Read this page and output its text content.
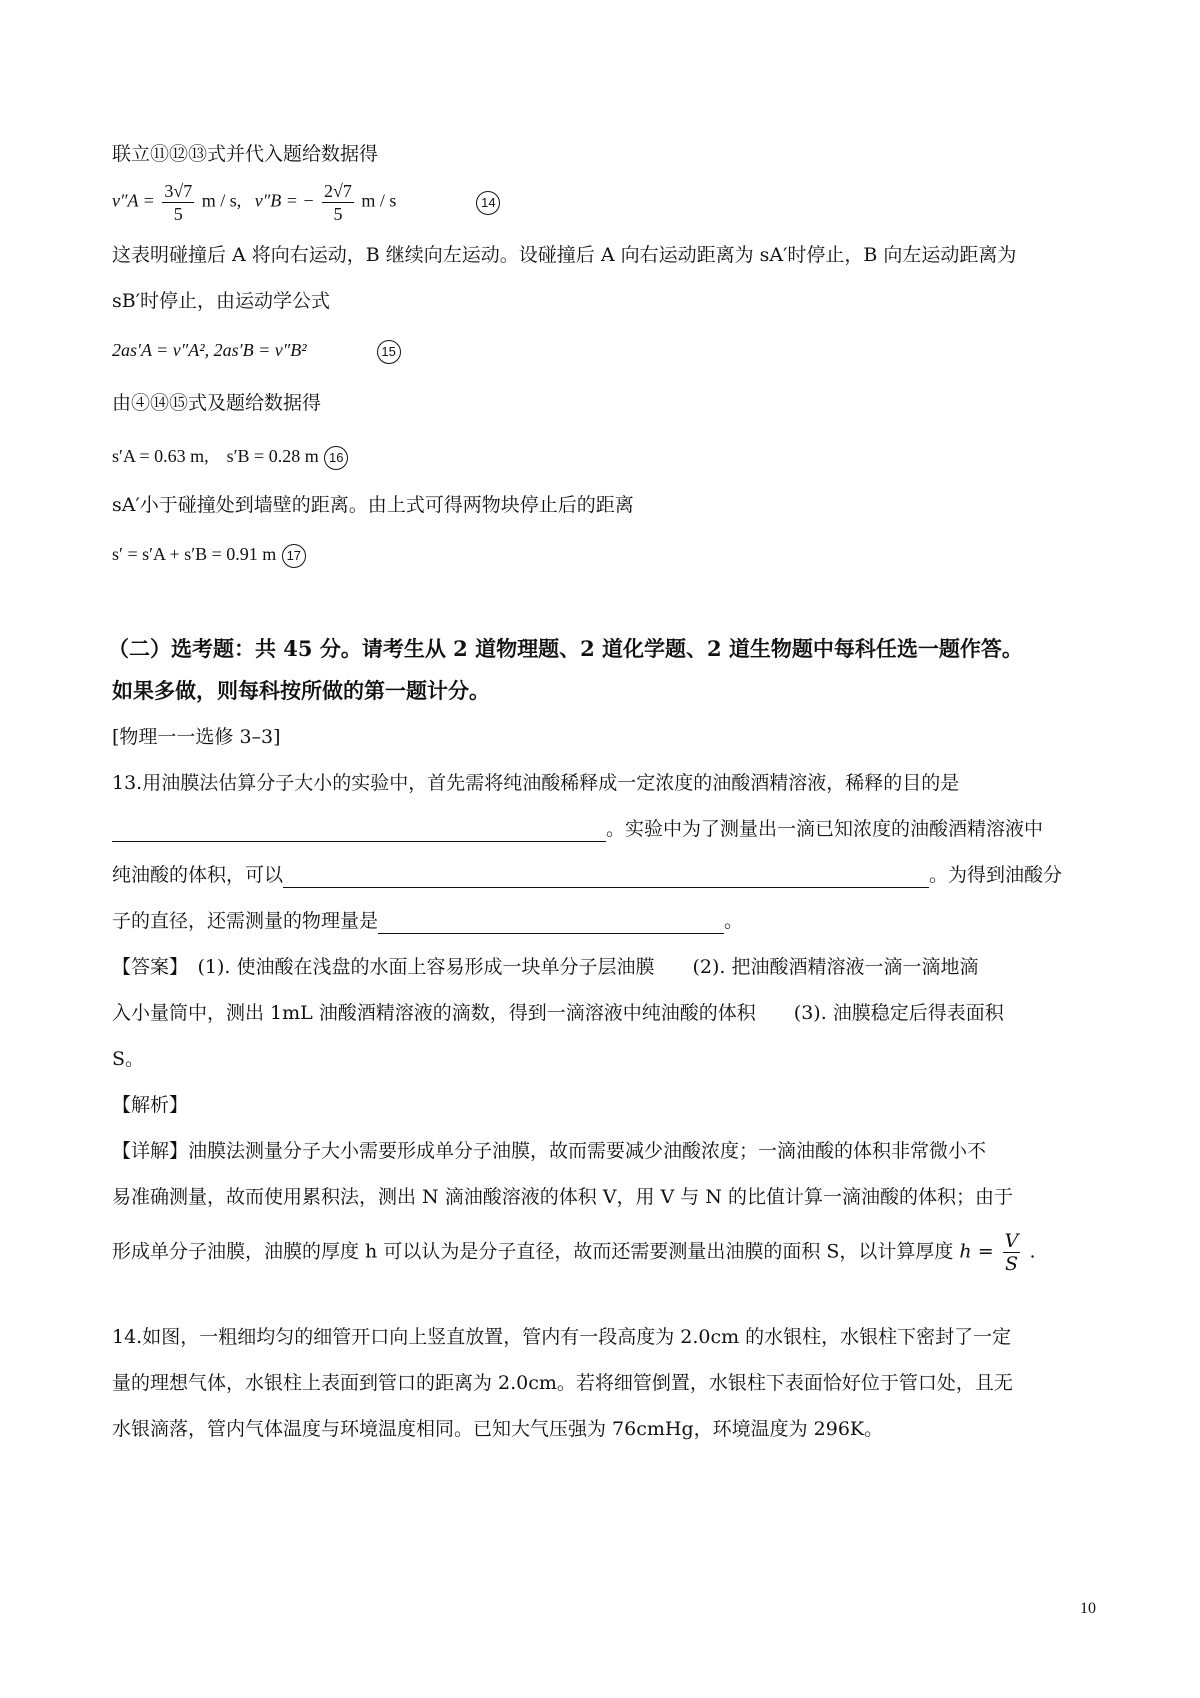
联立⑪⑫⑬式并代入题给数据得
$v''A = \frac{3√7}{5}$ m / s, v″B = − $\frac{2√7}{5}$ m / s	14
这表明碰撞后 A 将向右运动，B 继续向左运动。设碰撞后 A 向右运动距离为 sA′时停止，B 向左运动距离为
sB′时停止，由运动学公式
2as′A = v″A², 2as′B = v″B²	15
由④⑭⑮式及题给数据得
s′A = 0.63 m,　s′B = 0.28 m 16
sA′小于碰撞处到墙壁的距离。由上式可得两物块停止后的距离
s′ = s′A + s′B = 0.91 m 17
（二）选考题：共 45 分。请考生从 2 道物理题、2 道化学题、2 道生物题中每科任选一题作答。
如果多做，则每科按所做的第一题计分。
[物理一一选修 3–3]
13.用油膜法估算分子大小的实验中，首先需将纯油酸稀释成一定浓度的油酸酒精溶液，稀释的目的是
。实验中为了测量出一滴已知浓度的油酸酒精溶液中
纯油酸的体积，可以	。为得到油酸分
子的直径，还需测量的物理量是	。
【答案】　(1). 使油酸在浅盘的水面上容易形成一块单分子层油膜　　(2). 把油酸酒精溶液一滴一滴地滴
入小量筒中，测出 1mL 油酸酒精溶液的滴数，得到一滴溶液中纯油酸的体积　　(3). 油膜稳定后得表面积
S。
【解析】
【详解】油膜法测量分子大小需要形成单分子油膜，故而需要减少油酸浓度；一滴油酸的体积非常微小不
易准确测量，故而使用累积法，测出 N 滴油酸溶液的体积 V，用 V 与 N 的比值计算一滴油酸的体积；由于
形成单分子油膜，油膜的厚度 h 可以认为是分子直径，故而还需要测量出油膜的面积 S，以计算厚度 $h = \frac{V}{S}$ .
14.如图，一粗细均匀的细管开口向上竖直放置，管内有一段高度为 2.0cm 的水银柱，水银柱下密封了一定
量的理想气体，水银柱上表面到管口的距离为 2.0cm。若将细管倒置，水银柱下表面恰好位于管口处，且无
水银滴落，管内气体温度与环境温度相同。已知大气压强为 76cmHg，环境温度为 296K。
10
